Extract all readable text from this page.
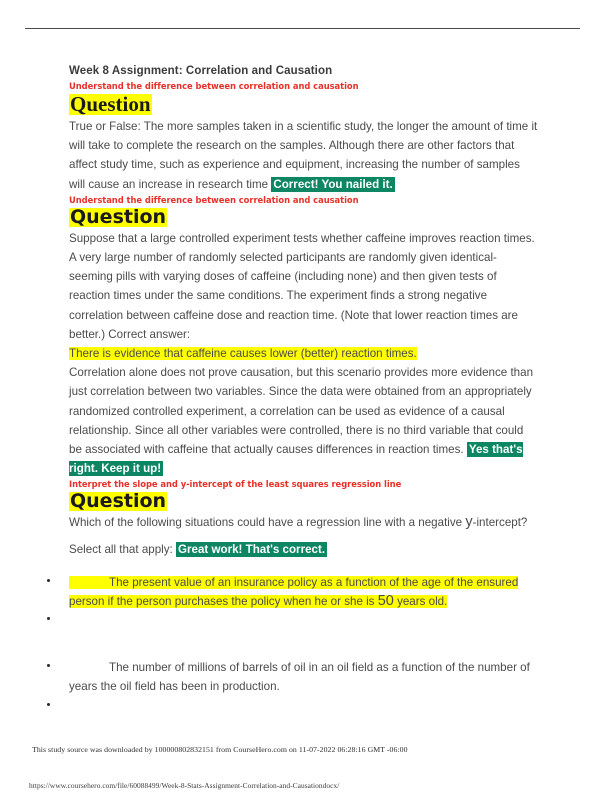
Week 8 Assignment: Correlation and Causation
Understand the difference between correlation and causation
Question

True or False: The more samples taken in a scientific study, the longer the amount of time it will take to complete the research on the samples. Although there are other factors that affect study time, such as experience and equipment, increasing the number of samples will cause an increase in research time Correct! You nailed it.

Understand the difference between correlation and causation
Question

Suppose that a large controlled experiment tests whether caffeine improves reaction times. A very large number of randomly selected participants are randomly given identical-seeming pills with varying doses of caffeine (including none) and then given tests of reaction times under the same conditions. The experiment finds a strong negative correlation between caffeine dose and reaction time. (Note that lower reaction times are better.) Correct answer:

There is evidence that caffeine causes lower (better) reaction times.

Correlation alone does not prove causation, but this scenario provides more evidence than just correlation between two variables. Since the data were obtained from an appropriately randomized controlled experiment, a correlation can be used as evidence of a causal relationship. Since all other variables were controlled, there is no third variable that could be associated with caffeine that actually causes differences in reaction times. Yes that's right. Keep it up!

Interpret the slope and y-intercept of the least squares regression line
Question

Which of the following situations could have a regression line with a negative y-intercept?

Select all that apply: Great work! That's correct.

The present value of an insurance policy as a function of the age of the ensured person if the person purchases the policy when he or she is 50 years old.
The number of millions of barrels of oil in an oil field as a function of the number of years the oil field has been in production.
This study source was downloaded by 100000802832151 from CourseHero.com on 11-07-2022 06:28:16 GMT -06:00
https://www.coursehero.com/file/60088499/Week-8-Stats-Assignment-Correlation-and-Causationdocx/
